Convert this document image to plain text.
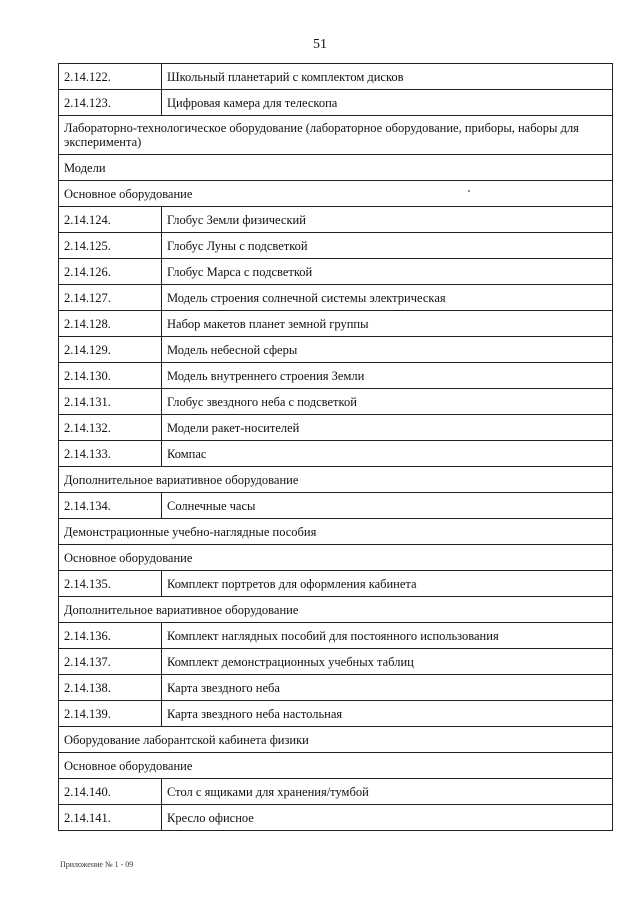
51
2.14.122.	Школьный планетарий с комплектом дисков
2.14.123.	Цифровая камера для телескопа
Лабораторно-технологическое оборудование (лабораторное оборудование, приборы, наборы для эксперимента)	
Модели	
Основное оборудование	
2.14.124.	Глобус Земли физический
2.14.125.	Глобус Луны с подсветкой
2.14.126.	Глобус Марса с подсветкой
2.14.127.	Модель строения солнечной системы электрическая
2.14.128.	Набор макетов планет земной группы
2.14.129.	Модель небесной сферы
2.14.130.	Модель внутреннего строения Земли
2.14.131.	Глобус звездного неба с подсветкой
2.14.132.	Модели ракет-носителей
2.14.133.	Компас
Дополнительное вариативное оборудование	
2.14.134.	Солнечные часы
Демонстрационные учебно-наглядные пособия	
Основное оборудование	
2.14.135.	Комплект портретов для оформления кабинета
Дополнительное вариативное оборудование	
2.14.136.	Комплект наглядных пособий для постоянного использования
2.14.137.	Комплект демонстрационных учебных таблиц
2.14.138.	Карта звездного неба
2.14.139.	Карта звездного неба настольная
Оборудование лаборантской кабинета физики	
Основное оборудование	
2.14.140.	Стол с ящиками для хранения/тумбой
2.14.141.	Кресло офисное
Приложение № 1 - 09
